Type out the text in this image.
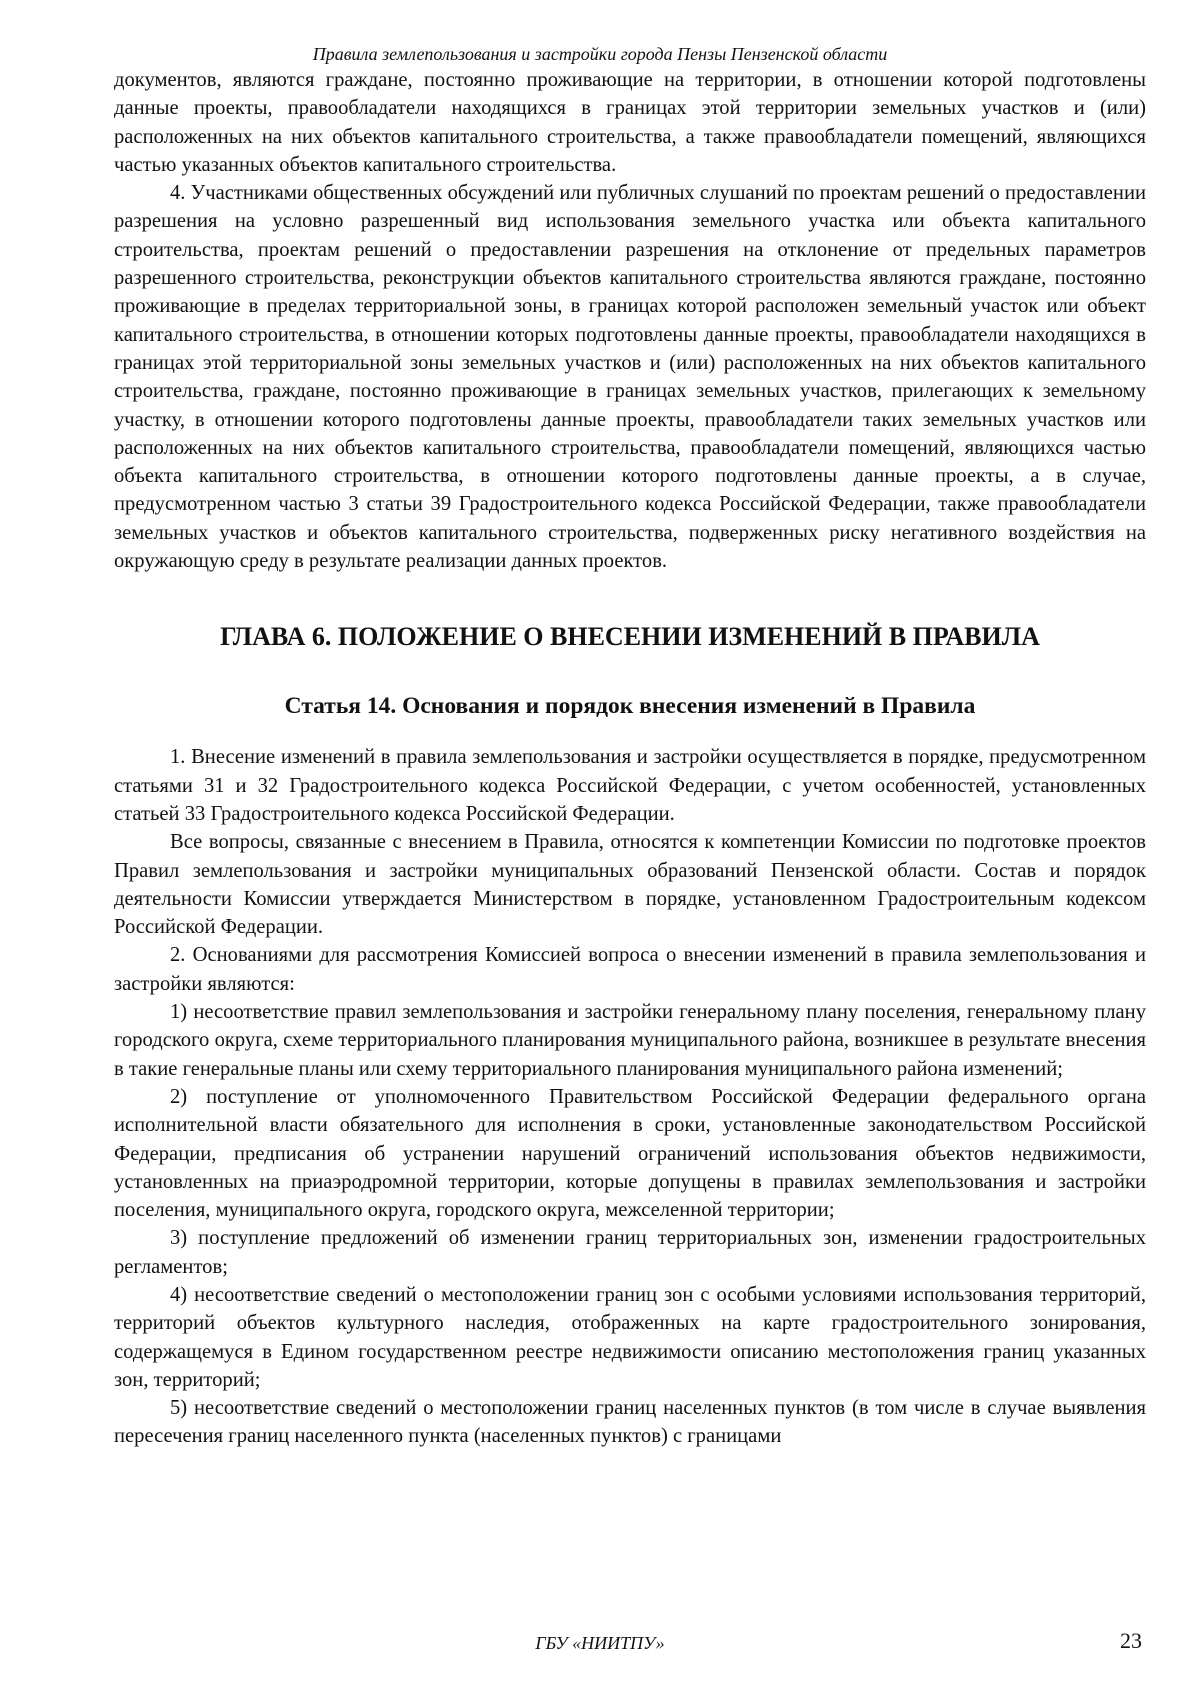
Правила землепользования и застройки города Пензы Пензенской области

документов, являются граждане, постоянно проживающие на территории, в отношении которой подготовлены данные проекты, правообладатели находящихся в границах этой территории земельных участков и (или) расположенных на них объектов капитального строительства, а также правообладатели помещений, являющихся частью указанных объектов капитального строительства.

4. Участниками общественных обсуждений или публичных слушаний по проектам решений о предоставлении разрешения на условно разрешенный вид использования земельного участка или объекта капитального строительства, проектам решений о предоставлении разрешения на отклонение от предельных параметров разрешенного строительства, реконструкции объектов капитального строительства являются граждане, постоянно проживающие в пределах территориальной зоны, в границах которой расположен земельный участок или объект капитального строительства, в отношении которых подготовлены данные проекты, правообладатели находящихся в границах этой территориальной зоны земельных участков и (или) расположенных на них объектов капитального строительства, граждане, постоянно проживающие в границах земельных участков, прилегающих к земельному участку, в отношении которого подготовлены данные проекты, правообладатели таких земельных участков или расположенных на них объектов капитального строительства, правообладатели помещений, являющихся частью объекта капитального строительства, в отношении которого подготовлены данные проекты, а в случае, предусмотренном частью 3 статьи 39 Градостроительного кодекса Российской Федерации, также правообладатели земельных участков и объектов капитального строительства, подверженных риску негативного воздействия на окружающую среду в результате реализации данных проектов.

ГЛАВА 6. ПОЛОЖЕНИЕ О ВНЕСЕНИИ ИЗМЕНЕНИЙ В ПРАВИЛА
Статья 14. Основания и порядок внесения изменений в Правила

1. Внесение изменений в правила землепользования и застройки осуществляется в порядке, предусмотренном статьями 31 и 32 Градостроительного кодекса Российской Федерации, с учетом особенностей, установленных статьей 33 Градостроительного кодекса Российской Федерации.

Все вопросы, связанные с внесением в Правила, относятся к компетенции Комиссии по подготовке проектов Правил землепользования и застройки муниципальных образований Пензенской области. Состав и порядок деятельности Комиссии утверждается Министерством в порядке, установленном Градостроительным кодексом Российской Федерации.

2. Основаниями для рассмотрения Комиссией вопроса о внесении изменений в правила землепользования и застройки являются:

1) несоответствие правил землепользования и застройки генеральному плану поселения, генеральному плану городского округа, схеме территориального планирования муниципального района, возникшее в результате внесения в такие генеральные планы или схему территориального планирования муниципального района изменений;

2) поступление от уполномоченного Правительством Российской Федерации федерального органа исполнительной власти обязательного для исполнения в сроки, установленные законодательством Российской Федерации, предписания об устранении нарушений ограничений использования объектов недвижимости, установленных на приаэродромной территории, которые допущены в правилах землепользования и застройки поселения, муниципального округа, городского округа, межселенной территории;

3) поступление предложений об изменении границ территориальных зон, изменении градостроительных регламентов;

4) несоответствие сведений о местоположении границ зон с особыми условиями использования территорий, территорий объектов культурного наследия, отображенных на карте градостроительного зонирования, содержащемуся в Едином государственном реестре недвижимости описанию местоположения границ указанных зон, территорий;

5) несоответствие сведений о местоположении границ населенных пунктов (в том числе в случае выявления пересечения границ населенного пункта (населенных пунктов) с границами

ГБУ «НИИТПУ»	23
